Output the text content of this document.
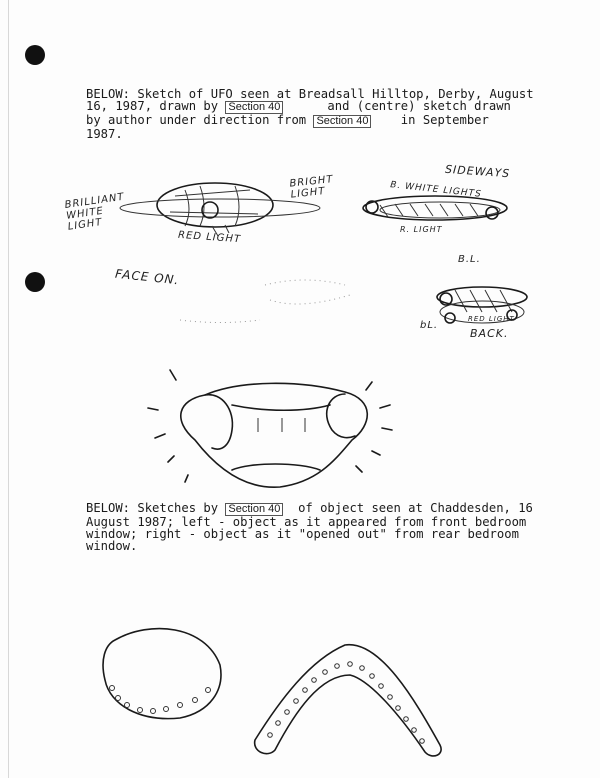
BELOW: Sketch of UFO seen at Breadsall Hilltop, Derby, August
16, 1987, drawn by Section 40      and (centre) sketch drawn
by author under direction from Section 40    in September
1987.
BRILLIANT WHITE LIGHT
BRIGHT LIGHT
RED LIGHT
SIDEWAYS
B. WHITE LIGHTS
R. LIGHT
FACE ON.
B.L.
bL.
RED LIGHT
BACK.
BELOW: Sketches by Section 40  of object seen at Chaddesden, 16
August 1987; left - object as it appeared from front bedroom
window; right - object as it "opened out" from rear bedroom
window.
